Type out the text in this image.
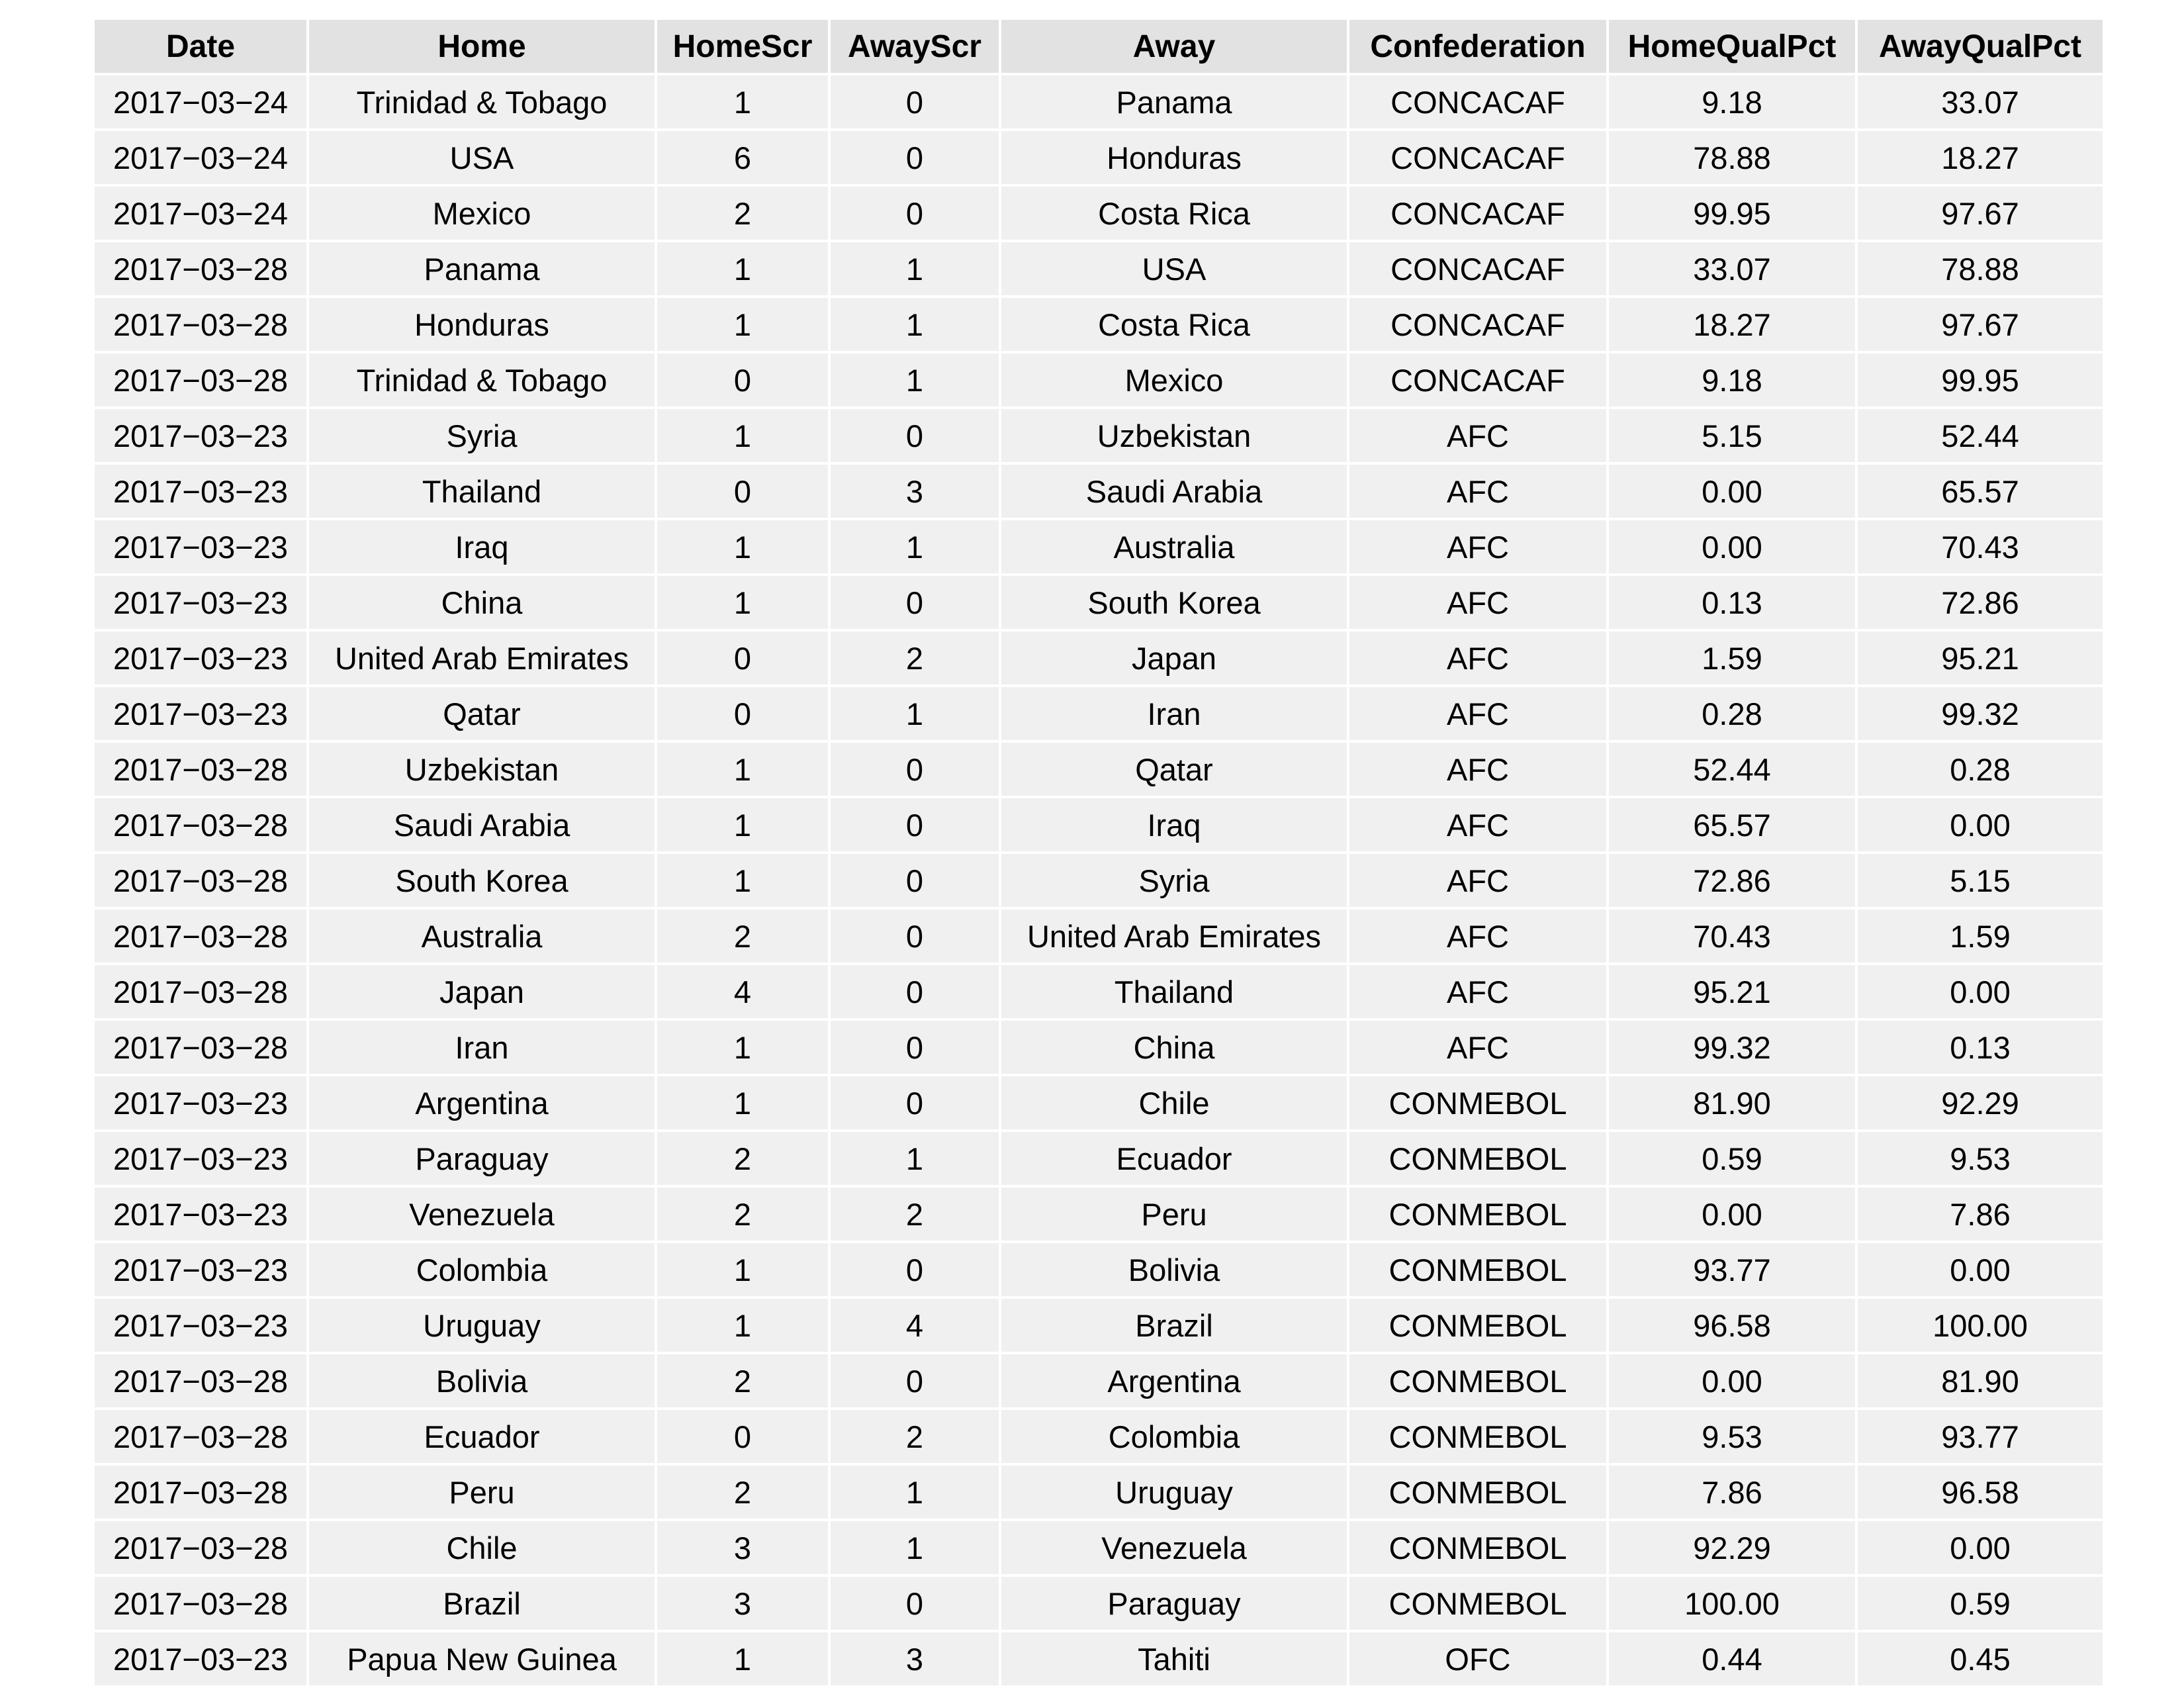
Date	Home	HomeScr	AwayScr	Away	Confederation	HomeQualPct	AwayQualPct
2017−03−24	Trinidad & Tobago	1	0	Panama	CONCACAF	9.18	33.07
2017−03−24	USA	6	0	Honduras	CONCACAF	78.88	18.27
2017−03−24	Mexico	2	0	Costa Rica	CONCACAF	99.95	97.67
2017−03−28	Panama	1	1	USA	CONCACAF	33.07	78.88
2017−03−28	Honduras	1	1	Costa Rica	CONCACAF	18.27	97.67
2017−03−28	Trinidad & Tobago	0	1	Mexico	CONCACAF	9.18	99.95
2017−03−23	Syria	1	0	Uzbekistan	AFC	5.15	52.44
2017−03−23	Thailand	0	3	Saudi Arabia	AFC	0.00	65.57
2017−03−23	Iraq	1	1	Australia	AFC	0.00	70.43
2017−03−23	China	1	0	South Korea	AFC	0.13	72.86
2017−03−23	United Arab Emirates	0	2	Japan	AFC	1.59	95.21
2017−03−23	Qatar	0	1	Iran	AFC	0.28	99.32
2017−03−28	Uzbekistan	1	0	Qatar	AFC	52.44	0.28
2017−03−28	Saudi Arabia	1	0	Iraq	AFC	65.57	0.00
2017−03−28	South Korea	1	0	Syria	AFC	72.86	5.15
2017−03−28	Australia	2	0	United Arab Emirates	AFC	70.43	1.59
2017−03−28	Japan	4	0	Thailand	AFC	95.21	0.00
2017−03−28	Iran	1	0	China	AFC	99.32	0.13
2017−03−23	Argentina	1	0	Chile	CONMEBOL	81.90	92.29
2017−03−23	Paraguay	2	1	Ecuador	CONMEBOL	0.59	9.53
2017−03−23	Venezuela	2	2	Peru	CONMEBOL	0.00	7.86
2017−03−23	Colombia	1	0	Bolivia	CONMEBOL	93.77	0.00
2017−03−23	Uruguay	1	4	Brazil	CONMEBOL	96.58	100.00
2017−03−28	Bolivia	2	0	Argentina	CONMEBOL	0.00	81.90
2017−03−28	Ecuador	0	2	Colombia	CONMEBOL	9.53	93.77
2017−03−28	Peru	2	1	Uruguay	CONMEBOL	7.86	96.58
2017−03−28	Chile	3	1	Venezuela	CONMEBOL	92.29	0.00
2017−03−28	Brazil	3	0	Paraguay	CONMEBOL	100.00	0.59
2017−03−23	Papua New Guinea	1	3	Tahiti	OFC	0.44	0.45
